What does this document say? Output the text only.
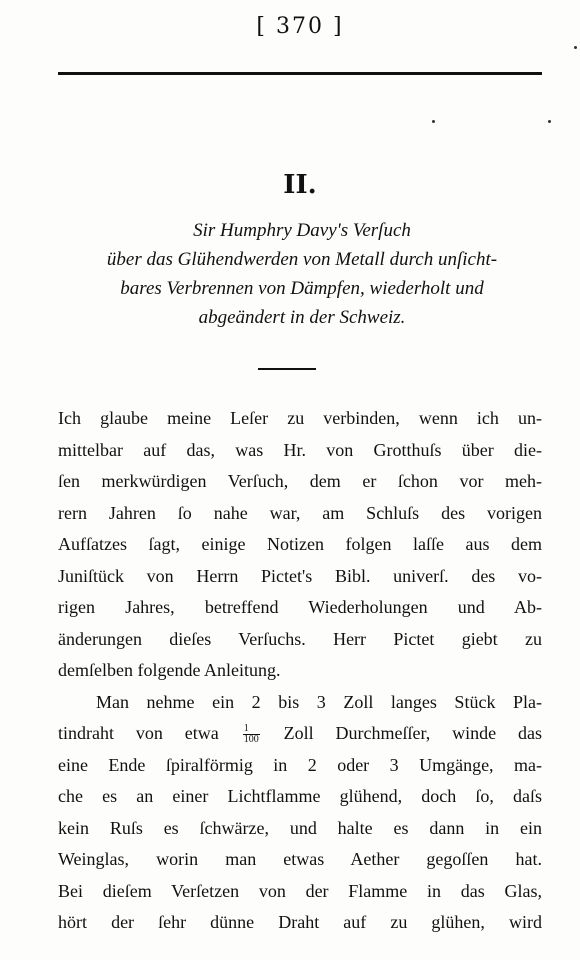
[ 370 ]
II.
Sir Humphry Davy's Verſuch
über das Glühendwerden von Metall durch unſicht-
bares Verbrennen von Dämpfen, wiederholt und
abgeändert in der Schweiz.
Ich glaube meine Leſer zu verbinden, wenn ich un-
mittelbar auf das, was Hr. von Grotthuſs über die-
ſen merkwürdigen Verſuch, dem er ſchon vor meh-
rern Jahren ſo nahe war, am Schluſs des vorigen
Aufſatzes ſagt, einige Notizen folgen laſſe aus dem
Juniſtück von Herrn Pictet's Bibl. univerſ. des vo-
rigen Jahres, betreffend Wiederholungen und Ab-
änderungen dieſes Verſuchs. Herr Pictet giebt zu
demſelben folgende Anleitung.
Man nehme ein 2 bis 3 Zoll langes Stück Pla-
tindraht von etwa $\frac{1}{100}$ Zoll Durchmeſſer, winde das
eine Ende ſpiralförmig in 2 oder 3 Umgänge, ma-
che es an einer Lichtflamme glühend, doch ſo, daſs
kein Ruſs es ſchwärze, und halte es dann in ein
Weinglas, worin man etwas Aether gegoſſen hat.
Bei dieſem Verſetzen von der Flamme in das Glas,
hört der ſehr dünne Draht auf zu glühen, wird
